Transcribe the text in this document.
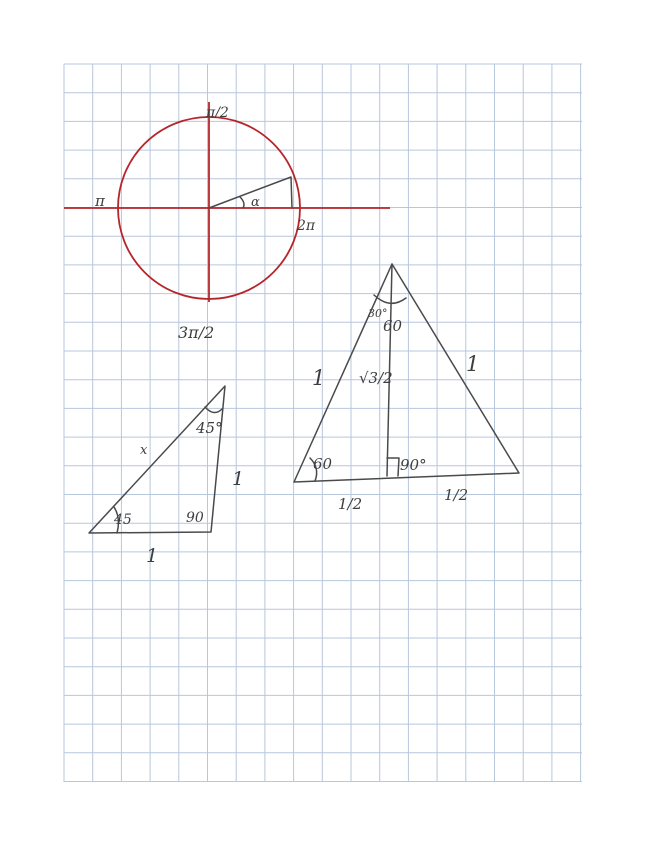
π/2
π
2π
3π/2
α
45°
45	90
x
1
1
30°
60
60	90°
1
1
√3/2
1/2	1/2
